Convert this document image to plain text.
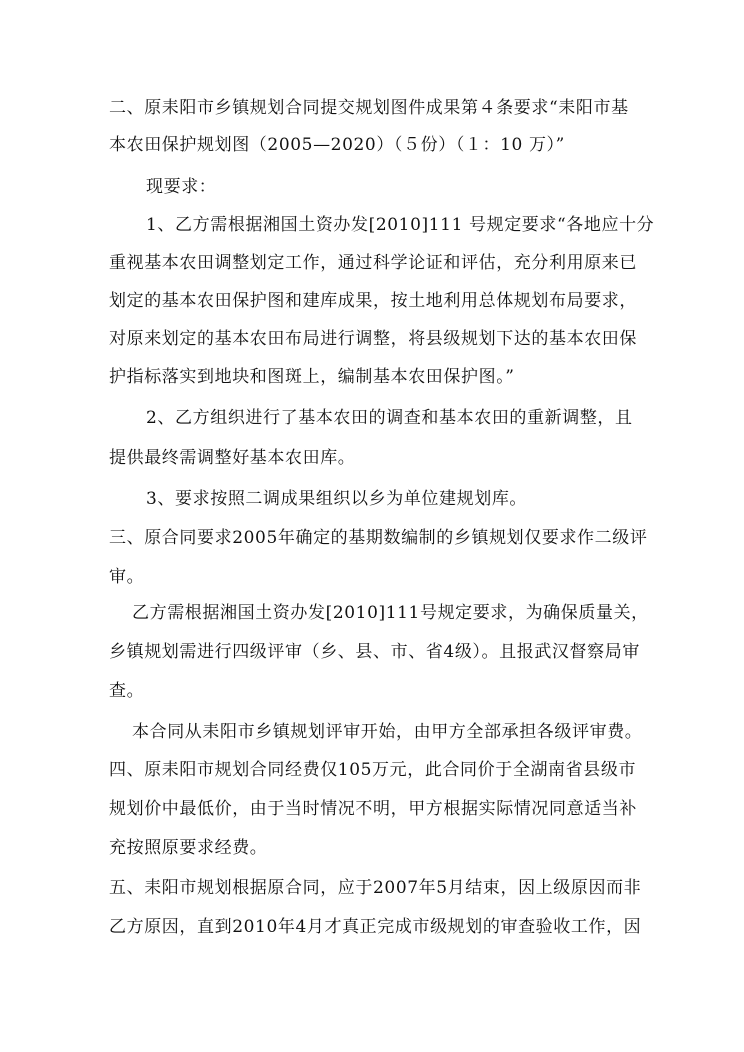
二、原耒阳市乡镇规划合同提交规划图件成果第４条要求“耒阳市基
本农田保护规划图（2005—2020）（５份）（１：10 万）”
现要求：
1、乙方需根据湘国土资办发[2010]111 号规定要求“各地应十分
重视基本农田调整划定工作，通过科学论证和评估，充分利用原来已
划定的基本农田保护图和建库成果，按土地利用总体规划布局要求，
对原来划定的基本农田布局进行调整，将县级规划下达的基本农田保
护指标落实到地块和图斑上，编制基本农田保护图。”
2、乙方组织进行了基本农田的调查和基本农田的重新调整，且
提供最终需调整好基本农田库。
3、要求按照二调成果组织以乡为单位建规划库。
三、原合同要求2005年确定的基期数编制的乡镇规划仅要求作二级评
审。
乙方需根据湘国土资办发[2010]111号规定要求，为确保质量关，
乡镇规划需进行四级评审（乡、县、市、省4级）。且报武汉督察局审
查。
本合同从耒阳市乡镇规划评审开始，由甲方全部承担各级评审费。
四、原耒阳市规划合同经费仅105万元，此合同价于全湖南省县级市
规划价中最低价，由于当时情况不明，甲方根据实际情况同意适当补
充按照原要求经费。
五、耒阳市规划根据原合同，应于2007年5月结束，因上级原因而非
乙方原因，直到2010年4月才真正完成市级规划的审查验收工作，因
